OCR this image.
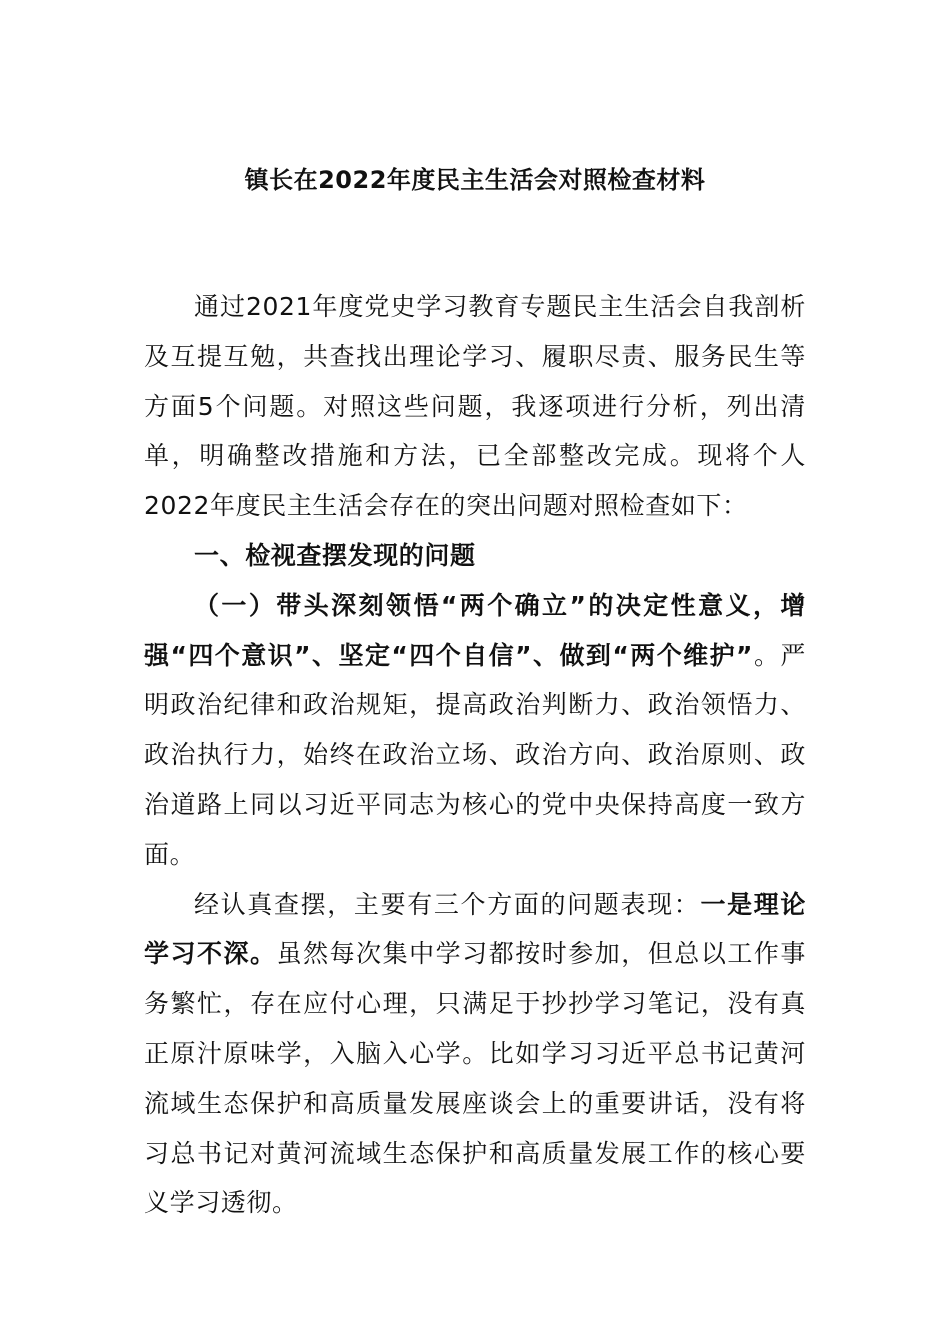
镇长在2022年度民主生活会对照检查材料

通过2021年度党史学习教育专题民主生活会自我剖析及互提互勉，共查找出理论学习、履职尽责、服务民生等方面5个问题。对照这些问题，我逐项进行分析，列出清单，明确整改措施和方法，已全部整改完成。现将个人2022年度民主生活会存在的突出问题对照检查如下：

一、检视查摆发现的问题

（一）带头深刻领悟“两个确立”的决定性意义，增强“四个意识”、坚定“四个自信”、做到“两个维护”。严明政治纪律和政治规矩，提高政治判断力、政治领悟力、政治执行力，始终在政治立场、政治方向、政治原则、政治道路上同以习近平同志为核心的党中央保持高度一致方面。

经认真查摆，主要有三个方面的问题表现：一是理论学习不深。虽然每次集中学习都按时参加，但总以工作事务繁忙，存在应付心理，只满足于抄抄学习笔记，没有真正原汁原味学，入脑入心学。比如学习习近平总书记黄河流域生态保护和高质量发展座谈会上的重要讲话，没有将习总书记对黄河流域生态保护和高质量发展工作的核心要义学习透彻。
